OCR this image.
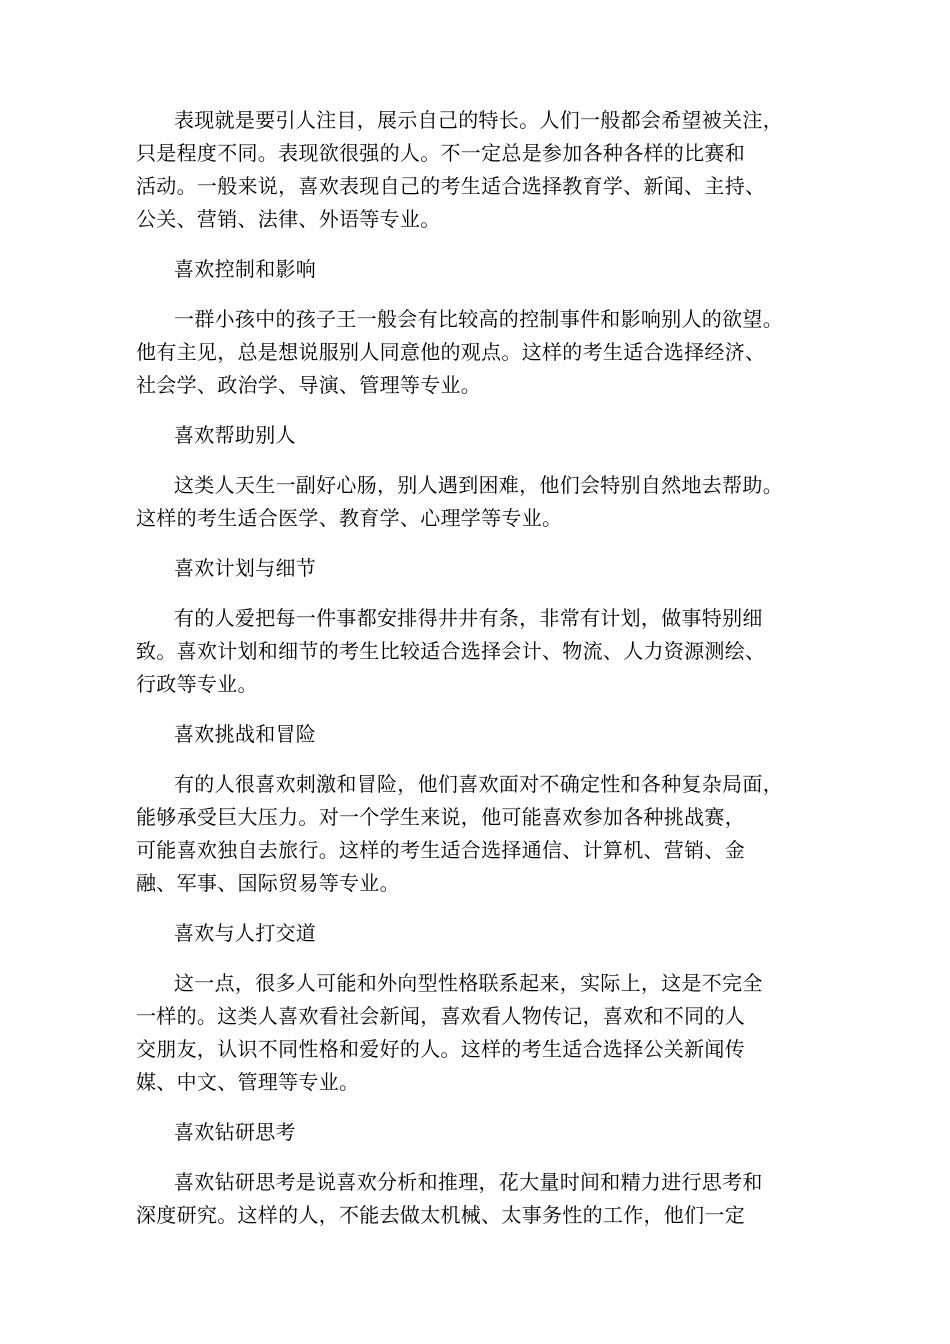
表现就是要引人注目，展示自己的特长。人们一般都会希望被关注，
只是程度不同。表现欲很强的人。不一定总是参加各种各样的比赛和
活动。一般来说，喜欢表现自己的考生适合选择教育学、新闻、主持、
公关、营销、法律、外语等专业。
喜欢控制和影响
一群小孩中的孩子王一般会有比较高的控制事件和影响别人的欲望。
他有主见，总是想说服别人同意他的观点。这样的考生适合选择经济、
社会学、政治学、导演、管理等专业。
喜欢帮助别人
这类人天生一副好心肠，别人遇到困难，他们会特别自然地去帮助。
这样的考生适合医学、教育学、心理学等专业。
喜欢计划与细节
有的人爱把每一件事都安排得井井有条，非常有计划，做事特别细
致。喜欢计划和细节的考生比较适合选择会计、物流、人力资源测绘、
行政等专业。
喜欢挑战和冒险
有的人很喜欢刺激和冒险，他们喜欢面对不确定性和各种复杂局面，
能够承受巨大压力。对一个学生来说，他可能喜欢参加各种挑战赛，
可能喜欢独自去旅行。这样的考生适合选择通信、计算机、营销、金
融、军事、国际贸易等专业。
喜欢与人打交道
这一点，很多人可能和外向型性格联系起来，实际上，这是不完全
一样的。这类人喜欢看社会新闻，喜欢看人物传记，喜欢和不同的人
交朋友，认识不同性格和爱好的人。这样的考生适合选择公关新闻传
媒、中文、管理等专业。
喜欢钻研思考
喜欢钻研思考是说喜欢分析和推理，花大量时间和精力进行思考和
深度研究。这样的人，不能去做太机械、太事务性的工作，他们一定
